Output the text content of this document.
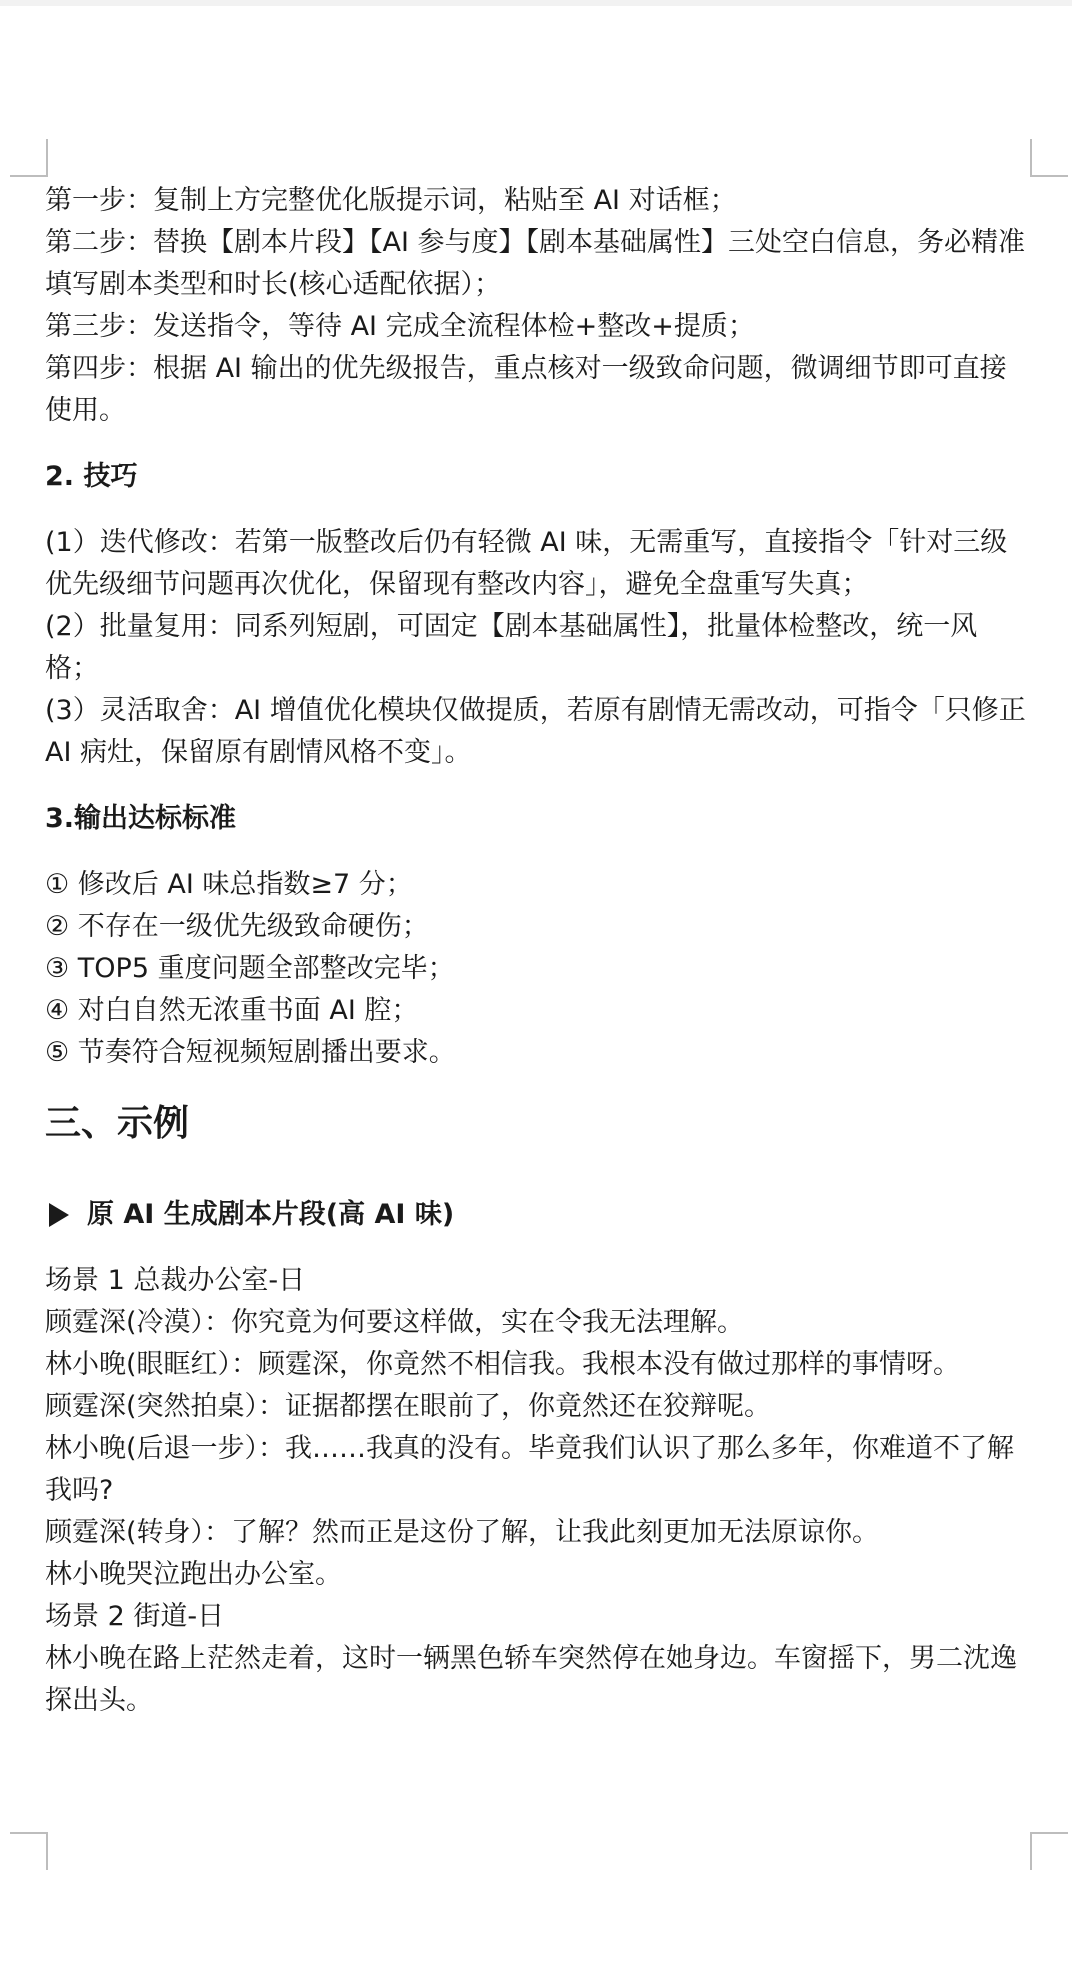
第一步：复制上方完整优化版提示词，粘贴至 AI 对话框；

第二步：替换【剧本片段】【AI 参与度】【剧本基础属性】三处空白信息，务必精准填写剧本类型和时长(核心适配依据）；

第三步：发送指令，等待 AI 完成全流程体检+整改+提质；

第四步：根据 AI 输出的优先级报告，重点核对一级致命问题，微调细节即可直接使用。

2. 技巧

(1）迭代修改：若第一版整改后仍有轻微 AI 味，无需重写，直接指令「针对三级优先级细节问题再次优化，保留现有整改内容」，避免全盘重写失真；

(2）批量复用：同系列短剧，可固定【剧本基础属性】，批量体检整改，统一风格；

(3）灵活取舍：AI 增值优化模块仅做提质，若原有剧情无需改动，可指令「只修正 AI 病灶，保留原有剧情风格不变」。

3.输出达标标准

① 修改后 AI 味总指数≥7 分；

② 不存在一级优先级致命硬伤；

③ TOP5 重度问题全部整改完毕；

④ 对白自然无浓重书面 AI 腔；

⑤ 节奏符合短视频短剧播出要求。

三、示例

原 AI 生成剧本片段(高 AI 味)

场景 1 总裁办公室-日

顾霆深(冷漠）：你究竟为何要这样做，实在令我无法理解。

林小晚(眼眶红）：顾霆深，你竟然不相信我。我根本没有做过那样的事情呀。

顾霆深(突然拍桌）：证据都摆在眼前了，你竟然还在狡辩呢。

林小晚(后退一步）：我……我真的没有。毕竟我们认识了那么多年，你难道不了解我吗?

顾霆深(转身）：了解？然而正是这份了解，让我此刻更加无法原谅你。

林小晚哭泣跑出办公室。

场景 2 街道-日

林小晚在路上茫然走着，这时一辆黑色轿车突然停在她身边。车窗摇下，男二沈逸探出头。
